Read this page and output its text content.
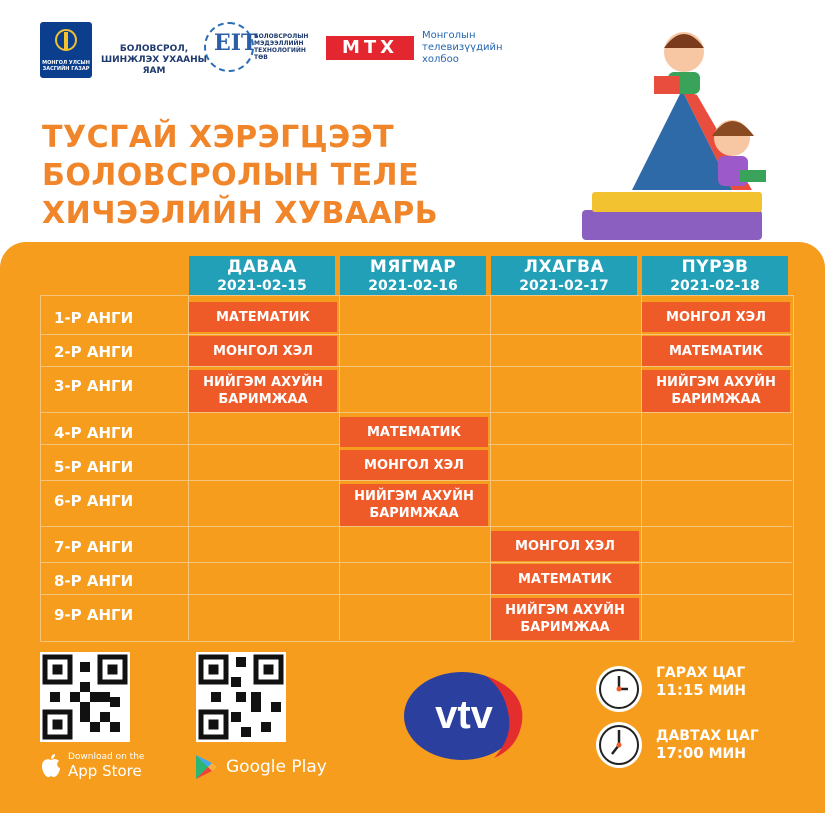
МОНГОЛ УЛСЫН ЗАСГИЙН ГАЗАР
БОЛОВСРОЛ,
ШИНЖЛЭХ УХААНЫ
ЯАМ
EIT
БОЛОВСРОЛЫН
МЭДЭЭЛЛИЙН
ТЕХНОЛОГИЙН
ТӨВ	МТХ
Монголын
телевизүүдийн
холбоо
ТУСГАЙ ХЭРЭГЦЭЭТ
БОЛОВСРОЛЫН ТЕЛЕ
ХИЧЭЭЛИЙН ХУВААРЬ
ДАВАА
2021-02-15
МЯГМАР
2021-02-16
ЛХАГВА
2021-02-17
ПҮРЭВ
2021-02-18
1-Р АНГИ
2-Р АНГИ
3-Р АНГИ
4-Р АНГИ
5-Р АНГИ
6-Р АНГИ
7-Р АНГИ
8-Р АНГИ
9-Р АНГИ
МАТЕМАТИК
МОНГОЛ ХЭЛ
НИЙГЭМ АХУЙН
БАРИМЖАА
МАТЕМАТИК
МОНГОЛ ХЭЛ
НИЙГЭМ АХУЙН
БАРИМЖАА
МОНГОЛ ХЭЛ
МАТЕМАТИК
НИЙГЭМ АХУЙН
БАРИМЖАА
МОНГОЛ ХЭЛ
МАТЕМАТИК
НИЙГЭМ АХУЙН
БАРИМЖАА
Download on the
App Store	Google Play
vtv
ГАРАХ ЦАГ
11:15 МИН
ДАВТАХ ЦАГ
17:00 МИН
